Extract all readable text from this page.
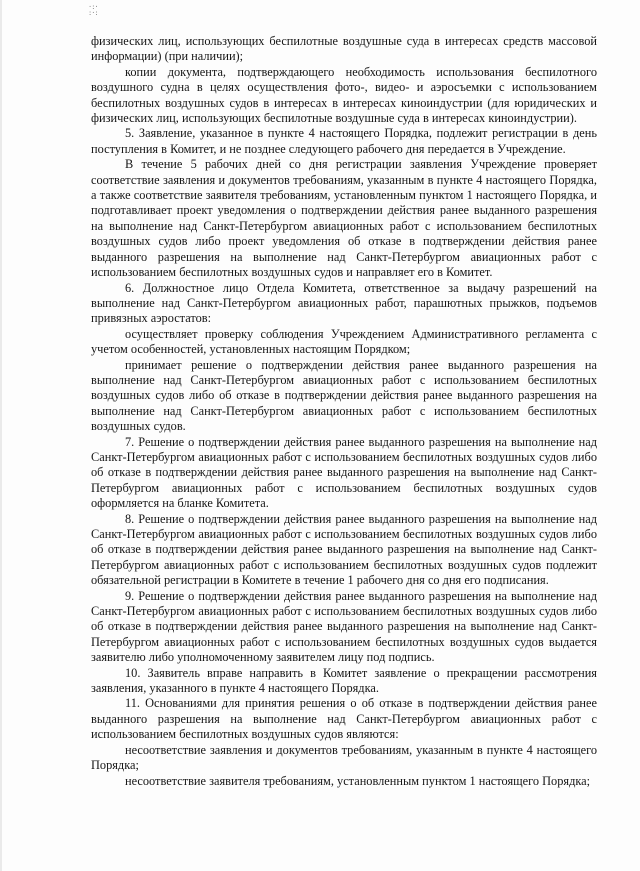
·:·
:·:

физических лиц, использующих беспилотные воздушные суда в интересах средств массовой информации) (при наличии);

копии документа, подтверждающего необходимость использования беспилотного воздушного судна в целях осуществления фото-, видео- и аэросъемки с использованием беспилотных воздушных судов в интересах в интересах киноиндустрии (для юридических и физических лиц, использующих беспилотные воздушные суда в интересах киноиндустрии).

5. Заявление, указанное в пункте 4 настоящего Порядка, подлежит регистрации в день поступления в Комитет, и не позднее следующего рабочего дня передается в Учреждение.

В течение 5 рабочих дней со дня регистрации заявления Учреждение проверяет соответствие заявления и документов требованиям, указанным в пункте 4 настоящего Порядка, а также соответствие заявителя требованиям, установленным пунктом 1 настоящего Порядка, и подготавливает проект уведомления о подтверждении действия ранее выданного разрешения на выполнение над Санкт-Петербургом авиационных работ с использованием беспилотных воздушных судов либо проект уведомления об отказе в подтверждении действия ранее выданного разрешения на выполнение над Санкт-Петербургом авиационных работ с использованием беспилотных воздушных судов и направляет его в Комитет.

6. Должностное лицо Отдела Комитета, ответственное за выдачу разрешений на выполнение над Санкт-Петербургом авиационных работ, парашютных прыжков, подъемов привязных аэростатов:

осуществляет проверку соблюдения Учреждением Административного регламента с учетом особенностей, установленных настоящим Порядком;

принимает решение о подтверждении действия ранее выданного разрешения на выполнение над Санкт-Петербургом авиационных работ с использованием беспилотных воздушных судов либо об отказе в подтверждении действия ранее выданного разрешения на выполнение над Санкт-Петербургом авиационных работ с использованием беспилотных воздушных судов.

7. Решение о подтверждении действия ранее выданного разрешения на выполнение над Санкт-Петербургом авиационных работ с использованием беспилотных воздушных судов либо об отказе в подтверждении действия ранее выданного разрешения на выполнение над Санкт-Петербургом авиационных работ с использованием беспилотных воздушных судов оформляется на бланке Комитета.

8. Решение о подтверждении действия ранее выданного разрешения на выполнение над Санкт-Петербургом авиационных работ с использованием беспилотных воздушных судов либо об отказе в подтверждении действия ранее выданного разрешения на выполнение над Санкт-Петербургом авиационных работ с использованием беспилотных воздушных судов подлежит обязательной регистрации в Комитете в течение 1 рабочего дня со дня его подписания.

9. Решение о подтверждении действия ранее выданного разрешения на выполнение над Санкт-Петербургом авиационных работ с использованием беспилотных воздушных судов либо об отказе в подтверждении действия ранее выданного разрешения на выполнение над Санкт-Петербургом авиационных работ с использованием беспилотных воздушных судов выдается заявителю либо уполномоченному заявителем лицу под подпись.

10. Заявитель вправе направить в Комитет заявление о прекращении рассмотрения заявления, указанного в пункте 4 настоящего Порядка.

11. Основаниями для принятия решения о об отказе в подтверждении действия ранее выданного разрешения на выполнение над Санкт-Петербургом авиационных работ с использованием беспилотных воздушных судов являются:

несоответствие заявления и документов требованиям, указанным в пункте 4 настоящего Порядка;

несоответствие заявителя требованиям, установленным пунктом 1 настоящего Порядка;
